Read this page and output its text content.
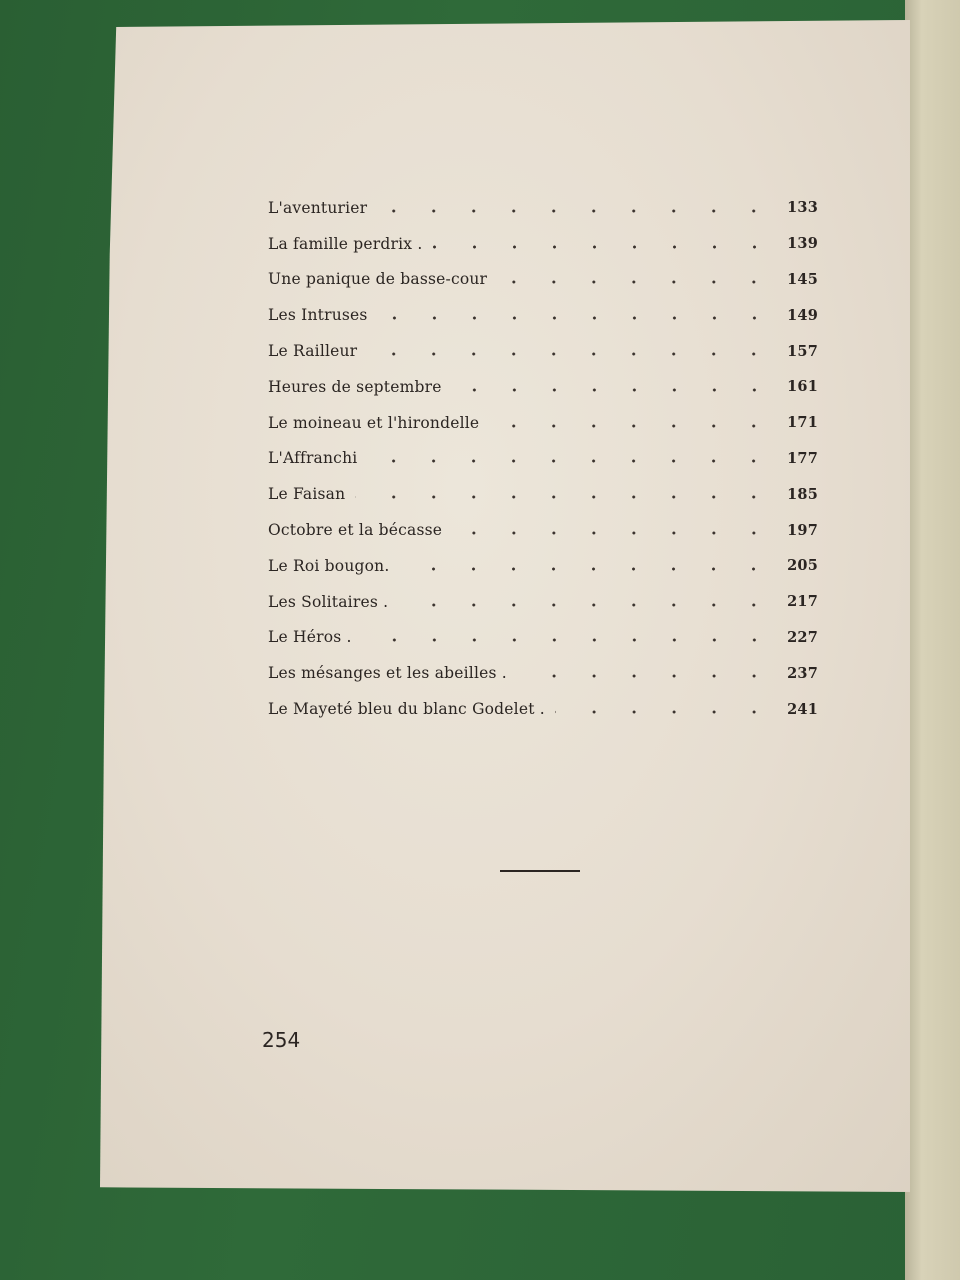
L'aventurier	133
La famille perdrix .	139
Une panique de basse-cour	145
Les Intruses	149
Le Railleur	157
Heures de septembre	161
Le moineau et l'hirondelle	171
L'Affranchi	177
Le Faisan	185
Octobre et la bécasse	197
Le Roi bougon.	205
Les Solitaires .	217
Le Héros .	227
Les mésanges et les abeilles .	237
Le Mayeté bleu du blanc Godelet .	241
254
